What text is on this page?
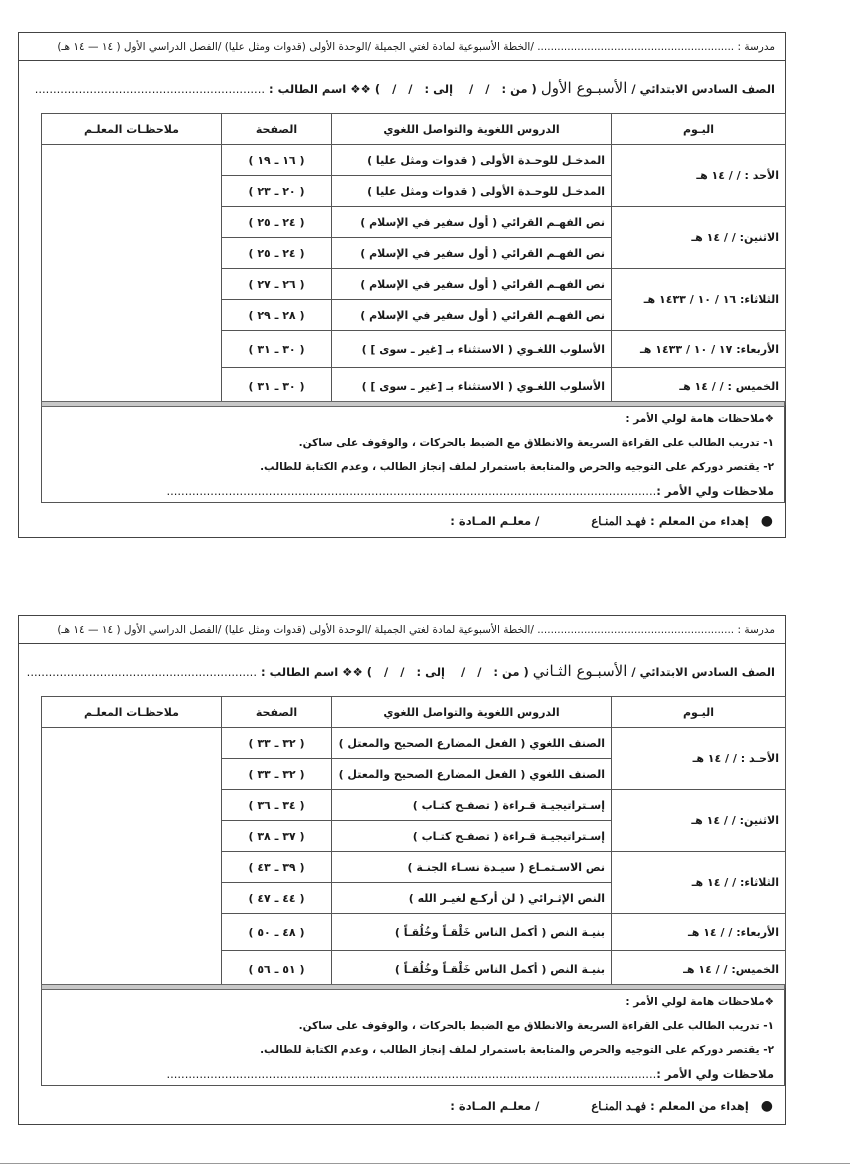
مدرسة : ........................................................... /الخطة الأسبوعية لمادة لغتي الجميلة /الوحدة الأولى (قدوات ومثل عليا) /الفصل الدراسي الأول ( ١٤ — ١٤ هـ)
الصف السادس الابتدائي / الأسبـوع الأول ( من :   /   /    إلى :   /   /   ) ❖❖ اسم الطالب : ...............................................................
اليـوم	الدروس اللغوية والتواصل اللغوي	الصفحة	ملاحظـات المعلـم
الأحد : / / ١٤ هـ	المدخـل للوحـدة الأولى ( قدوات ومثل عليا )	( ١٦ ـ ١٩ )	
	المدخـل للوحـدة الأولى ( قدوات ومثل عليا )	( ٢٠ ـ ٢٣ )	
الاثنين: / / ١٤ هـ	نص الفهـم القرائي ( أول سفير في الإسلام )	( ٢٤ ـ ٢٥ )	
	نص الفهـم القرائي ( أول سفير في الإسلام )	( ٢٤ ـ ٢٥ )	
الثلاثاء: ١٦ / ١٠ / ١٤٣٣ هـ	نص الفهـم القرائي ( أول سفير في الإسلام )	( ٢٦ ـ ٢٧ )	
	نص الفهـم القرائي ( أول سفير في الإسلام )	( ٢٨ ـ ٢٩ )	
الأربعاء: ١٧ / ١٠ / ١٤٣٣ هـ	الأسلوب اللغـوي ( الاستثناء بـ [غير ـ سوى ] )	( ٣٠ ـ ٣١ )	
الخميس : / / ١٤ هـ	الأسلوب اللغـوي ( الاستثناء بـ [غير ـ سوى ] )	( ٣٠ ـ ٣١ )	
❖ملاحظات هامة لولي الأمر :
١- تدريب الطالب على القراءة السريعة والانطلاق مع الضبط بالحركات ، والوقوف على ساكن.
٢- يقتصر دوركم على التوجيه والحرص والمتابعة باستمرار لملف إنجاز الطالب ، وعدم الكتابة للطالب.
ملاحظات ولي الأمر :......................................................................................................................................
●   إهداء من المعلم : فهـد المنـاع             / معلـم المـادة :
مدرسة : ........................................................... /الخطة الأسبوعية لمادة لغتي الجميلة /الوحدة الأولى (قدوات ومثل عليا) /الفصل الدراسي الأول ( ١٤ — ١٤ هـ)
الصف السادس الابتدائي / الأسبـوع الثـاني ( من :   /   /    إلى :   /   /   ) ❖❖ اسم الطالب : ...............................................................
اليـوم	الدروس اللغوية والتواصل اللغوي	الصفحة	ملاحظـات المعلـم
الأحـد : / / ١٤ هـ	الصنف اللغوي ( الفعل المضارع الصحيح والمعتل )	( ٣٢ ـ ٣٣ )	
	الصنف اللغوي ( الفعل المضارع الصحيح والمعتل )	( ٣٢ ـ ٣٣ )	
الاثنين: / / ١٤ هـ	إسـتراتيجيـة قـراءة ( تصفـح كتـاب )	( ٣٤ ـ ٣٦ )	
	إسـتراتيجيـة قـراءة ( تصفـح كتـاب )	( ٣٧ ـ ٣٨ )	
الثلاثاء: / / ١٤ هـ	نص الاسـتمـاع ( سيـدة نسـاء الجنـة )	( ٣٩ ـ ٤٣ )	
	النص الإثـرائي ( لن أركـع لغيـر الله )	( ٤٤ ـ ٤٧ )	
الأربعاء: / / ١٤ هـ	بنيـة النص ( أكمل الناس خَلْقـاً وخُلُقـاً )	( ٤٨ ـ ٥٠ )	
الخميس: / / ١٤ هـ	بنيـة النص ( أكمل الناس خَلْقـاً وخُلُقـاً )	( ٥١ ـ ٥٦ )	
❖ملاحظات هامة لولي الأمر :
١- تدريب الطالب على القراءة السريعة والانطلاق مع الضبط بالحركات ، والوقوف على ساكن.
٢- يقتصر دوركم على التوجيه والحرص والمتابعة باستمرار لملف إنجاز الطالب ، وعدم الكتابة للطالب.
ملاحظات ولي الأمر :......................................................................................................................................
●   إهداء من المعلم : فهـد المنـاع             / معلـم المـادة :
